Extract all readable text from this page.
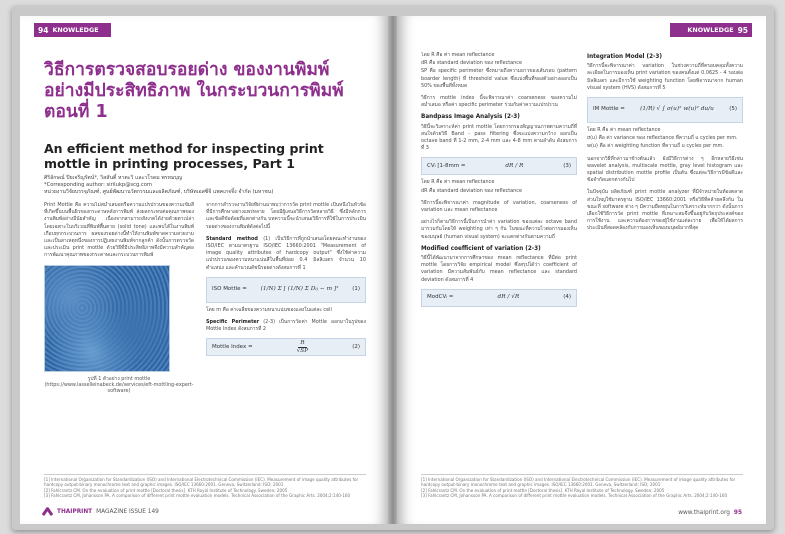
94 KNOWLEDGE
วิธีการตรวจสอบรอยด่าง ของงานพิมพ์อย่างมีประสิทธิภาพ ในกระบวนการพิมพ์ ตอนที่ 1
An efficient method for inspecting print mottle in printing processes, Part 1
ศิริลักษณ์ ปิยเจริญรัตน์*, วิสสันติ์ หาตะวิ และวโรดม พรหมบุญ
*Corresponding author: sirilukp@scg.com
หน่วยงานวิจัยบรรจุภัณฑ์, ศูนย์พัฒนานวัตกรรมและผลิตภัณฑ์, บริษัทเอสซีจี แพคเกจจิ้ง จำกัด (มหาชน)

Print Mottle คือ ความไม่สม่ำเสมอหรือความแปรปรวนของความเข้มสีที่เกิดขึ้นบนพื้นผิวของกระดาษหลังการพิมพ์ ส่งผลกระทบต่อคุณภาพของงานพิมพ์อย่างมีนัยสำคัญ เนื่องจากสามารถสังเกตได้ง่ายด้วยตาเปล่า โดยเฉพาะในบริเวณที่พิมพ์พื้นตาย (solid tone) และพบได้ในงานพิมพ์เกือบทุกกระบวนการ ผลของรอยด่างนี้ทำให้งานพิมพ์ขาดความสวยงาม และเป็นสาเหตุหนึ่งของการปฏิเสธงานพิมพ์จากลูกค้า ดังนั้นการตรวจวัดและประเมิน print mottle ด้วยวิธีที่มีประสิทธิภาพจึงมีความสำคัญต่อการพัฒนาคุณภาพของกระดาษและกระบวนการพิมพ์

รูปที่ 1 ตัวอย่าง print mottle
(https://www.lasselleinabeck.de/services/eft-mottling-expert-software)

จากการสำรวจงานวิจัยที่ผ่านมาพบว่าการวัด print mottle เป็นหนึ่งในหัวข้อที่มีการศึกษาอย่างแพร่หลาย โดยมีผู้เสนอวิธีการวัดหลายวิธี ซึ่งมีหลักการและข้อดีข้อด้อยที่แตกต่างกัน บทความนี้จะนำเสนอวิธีการที่ใช้ในการประเมินรอยด่างของงานพิมพ์ดังต่อไปนี้

Standard method (1) เป็นวิธีการที่ถูกนำเสนอโดยคณะทำงานของ ISO/IEC ตามมาตรฐาน ISO/IEC 13660:2001 "Measurement of image quality attributes of hardcopy output" ซึ่งใช้ค่าความแปรปรวนของความหนาแน่นสีในพื้นที่ย่อย 0.4 มิลลิเมตร จำนวน 10 ตำแหน่ง และคำนวณดัชนีรอยด่างดังสมการที่ 1

ISO Mottle = (1/N) Σ [ (1/N) Σ Dᵢⱼ − m ]² (1)

โดย m คือ ค่าเฉลี่ยของความหนาแน่นของแสงในแต่ละ cell

Specific Perimeter (2-3) เป็นการวัดค่า Mottle ออกมาในรูปของ Mottle Index ดังสมการที่ 2

Mottle Index =	$\frac{R}{√SP}$	(2)
[1] International Organization for Standardization (ISO) and International Electrotechnical Commission (IEC). Measurement of image quality attributes for hardcopy output-binary monochrome text and graphic images. ISO/IEC 13660:2001. Geneva, Switzerland: ISO; 2001
[2] Fahlcrantz CM. On the evaluation of print mottle [Doctoral thesis]. KTH Royal Institute of Technology. Sweden; 2005
[3] Fahlcrantz CM, Johansson PA. A comparison of different print mottle evaluation models. Technical Association of the Graphic Arts. 2004;2:140-160
THAIPRINT MAGAZINE ISSUE 149
KNOWLEDGE 95

โดย R คือ ค่า mean reflectance

dR คือ standard deviation ของ reflectance

SP คือ specific perimeter ซึ่งหมายถึงความยาวของเส้นรอบ (pattern boarder length) ที่ threshold value ซึ่งแบ่งพื้นที่ของตัวอย่างออกเป็น 50% ของพื้นที่ทั้งหมด

วิธีการ mottle index นี้จะพิจารณาค่า coarseness ของความไม่สม่ำเสมอ หรือค่า specific perimeter ร่วมกับค่าความแปรปรวน

Bandpass Image Analysis (2-3)

วิธีนี้จะวิเคราะห์ค่า print mottle โดยการกรองสัญญาณภาพตามความถี่ที่สนใจด้วยวิธี Band - pass filtering ซึ่งจะแบ่งความกว้าง ออกเป็น octave band ที่ 1-2 mm, 2-4 mm และ 4-8 mm ตามลำดับ ดังสมการที่ 3

CVᵢ [1-8mm =	dR / R	(3)

โดย R คือ ค่า mean reflectance

dR คือ standard deviation ของ reflectance

วิธีการนี้จะพิจารณาค่า magnitude of variation, coarseness of variation และ mean reflectance

อย่างไรก็ตามวิธีการนี้เป็นการนำค่า variation ของแต่ละ octave band มารวมกันโดยให้ weighting เท่า ๆ กัน ในขณะที่ความไวต่อการมองเห็นของมนุษย์ (human visual system) จะแตกต่างกันตามความถี่

Modified coefficient of variation (2-3)

วิธีนี้ได้พัฒนามาจากการศึกษาของ mean reflectance ที่มีต่อ print mottle โดยการวิจัย empirical model ซึ่งสรุปได้ว่า coefficient of variation มีความสัมพันธ์กับ mean reflectance และ standard deviation ดังสมการที่ 4

ModCVᵢ =	dR / √R	(4)
Integration Model (2-3)

วิธีการนี้จะพิจารณาค่า variation ในช่วงความถี่ที่ครอบคลุมทั้งความละเอียดในการมองเห็น print variation ของคนตั้งแต่ 0.0625 - 4 รอบต่อมิลลิเมตร และมีการใช้ weighting function โดยพิจารณาจาก human visual system (HVS) ดังสมการที่ 5

IM Mottle =	(1/R) √ ∫ σ(u)² w(u)² du/u	(5)

โดย R คือ ค่า mean reflectance

σ(u) คือ ค่า variance ของ reflectance ที่ความถี่ u cycles per mm.

w(u) คือ ค่า weighting function ที่ความถี่ u cycles per mm.

นอกจากวิธีที่กล่าวมาข้างต้นแล้ว ยังมีวิธีการต่าง ๆ อีกหลายวิธีเช่น wavelet analysis, multiscale mottle, gray level histogram และ spatial distribution mottle profile เป็นต้น ซึ่งแต่ละวิธีการมีข้อดีและข้อจำกัดแตกต่างกันไป

ในปัจจุบัน ผลิตภัณฑ์ print mottle analyzer ที่มีจำหน่ายในท้องตลาดส่วนใหญ่ใช้มาตรฐาน ISO/IEC 13660:2001 หรือวิธีที่คล้ายคลึงกัน ในขณะที่ software ต่าง ๆ มีความยืดหยุ่นในการวิเคราะห์มากกว่า ดังนั้นการเลือกใช้วิธีการวัด print mottle ที่เหมาะสมจึงขึ้นอยู่กับวัตถุประสงค์ของการใช้งาน และความต้องการของผู้ใช้งานแต่ละราย เพื่อให้ได้ผลการประเมินที่สอดคล้องกับการมองเห็นของมนุษย์มากที่สุด

[1] International Organization for Standardization (ISO) and International Electrotechnical Commission (IEC). Measurement of image quality attributes for hardcopy output-binary monochrome text and graphic images. ISO/IEC 13660:2001. Geneva, Switzerland: ISO; 2001
[2] Fahlcrantz CM. On the evaluation of print mottle [Doctoral thesis]. KTH Royal Institute of Technology. Sweden; 2005
[3] Fahlcrantz CM, Johansson PA. A comparison of different print mottle evaluation models. Technical Association of the Graphic Arts. 2004;2:140-160
www.thaiprint.org 95
